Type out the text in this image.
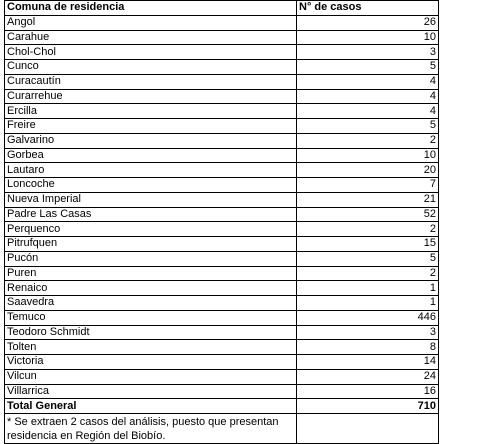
Comuna de residencia	N° de casos
Angol	26
Carahue	10
Chol-Chol	3
Cunco	5
Curacautín	4
Curarrehue	4
Ercilla	4
Freire	5
Galvarino	2
Gorbea	10
Lautaro	20
Loncoche	7
Nueva Imperial	21
Padre Las Casas	52
Perquenco	2
Pitrufquen	15
Pucón	5
Puren	2
Renaico	1
Saavedra	1
Temuco	446
Teodoro Schmidt	3
Tolten	8
Victoria	14
Vilcun	24
Villarrica	16
Total General	710
* Se extraen 2 casos del análisis, puesto que presentan residencia en Región del Biobío.	
